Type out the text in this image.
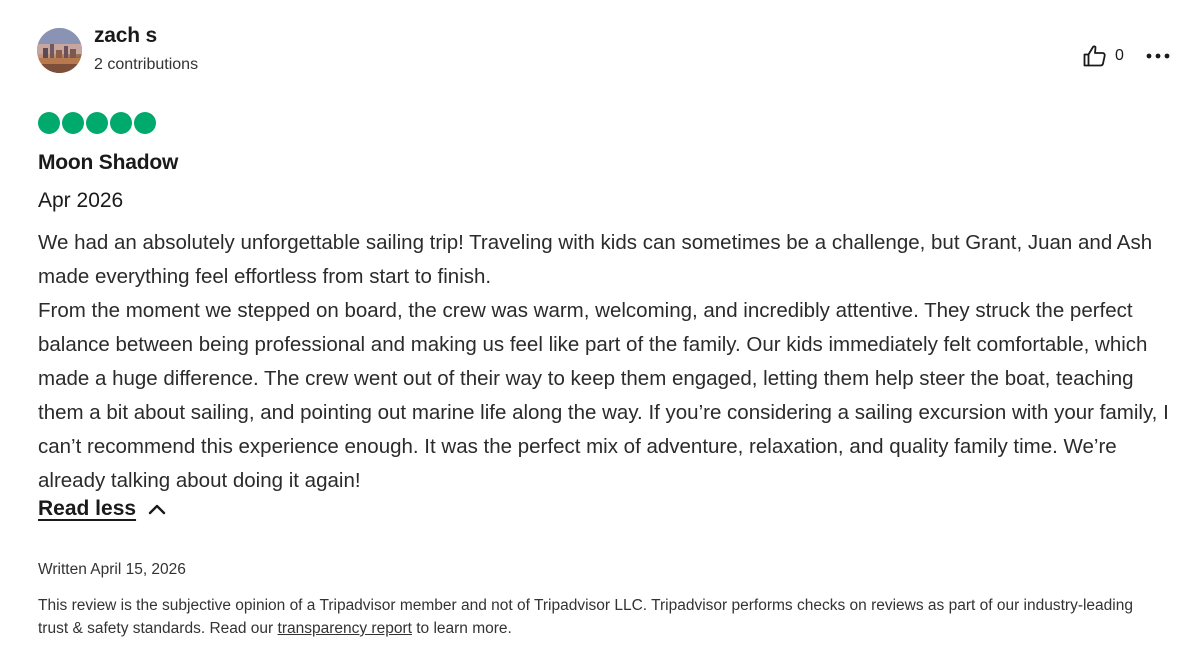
zach s
2 contributions
0
Moon Shadow
Apr 2026

We had an absolutely unforgettable sailing trip! Traveling with kids can sometimes be a challenge, but Grant, Juan and Ash made everything feel effortless from start to finish.

From the moment we stepped on board, the crew was warm, welcoming, and incredibly attentive. They struck the perfect balance between being professional and making us feel like part of the family. Our kids immediately felt comfortable, which made a huge difference. The crew went out of their way to keep them engaged, letting them help steer the boat, teaching them a bit about sailing, and pointing out marine life along the way. If you’re considering a sailing excursion with your family, I can’t recommend this experience enough. It was the perfect mix of adventure, relaxation, and quality family time. We’re already talking about doing it again!

Read less
Written April 15, 2026
This review is the subjective opinion of a Tripadvisor member and not of Tripadvisor LLC. Tripadvisor performs checks on reviews as part of our industry-leading trust & safety standards. Read our transparency report to learn more.
